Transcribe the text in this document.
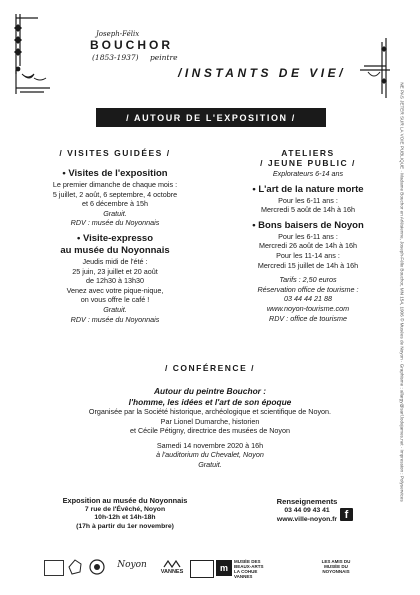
Joseph-Félix
BOUCHOR
(1853-1937) peintre
/INSTANTS DE VIE/
/ AUTOUR DE L'EXPOSITION /
/ VISITES GUIDÉES /
• Visites de l'exposition
Le premier dimanche de chaque mois :
5 juillet, 2 août, 6 septembre, 4 octobre
et 6 décembre à 15h
Gratuit.
RDV : musée du Noyonnais
• Visite-expresso
au musée du Noyonnais
Jeudis midi de l'été :
25 juin, 23 juillet et 20 août
de 12h30 à 13h30
Venez avec votre pique-nique,
on vous offre le café !
Gratuit.
RDV : musée du Noyonnais
ATELIERS
/ JEUNE PUBLIC /
Explorateurs 6-14 ans
• L'art de la nature morte
Pour les 6-11 ans :
Mercredi 5 août de 14h à 16h
• Bons baisers de Noyon
Pour les 6-11 ans :
Mercredi 26 août de 14h à 16h
Pour les 11-14 ans :
Mercredi 15 juillet de 14h à 16h
Tarifs : 2,50 euros
Réservation office de tourisme :
03 44 44 21 88
www.noyon-tourisme.com
RDV : office de tourisme
/ CONFÉRENCE /
Autour du peintre Bouchor :
l'homme, les idées et l'art de son époque
Organisée par la Société historique, archéologique et scientifique de Noyon.
Par Lionel Dumarche, historien
et Cécile Pétigny, directrice des musées de Noyon
Samedi 14 novembre 2020 à 16h
à l'auditorium du Chevalet, Noyon
Gratuit.
Exposition au musée du Noyonnais
7 rue de l'Évêché, Noyon
10h-12h et 14h-18h
(17h à partir du 1er novembre)
Renseignements
03 44 09 43 41
www.ville-noyon.fr f
Noyon
VANNES	m
MUSÉE DES
BEAUX-ARTS
LA COHUE
VANNES
LES AMIS DU
MUSÉE DU
NOYONNAIS
NE PAS JETER SUR LA VOIE PUBLIQUE · Madame Bouchor en Arlésienne, Joseph-Félix Bouchor, MN 154, 1906 © Musées de Noyon · Graphisme : allargy@sarl.lodejames.net · Impression : Polyservices
